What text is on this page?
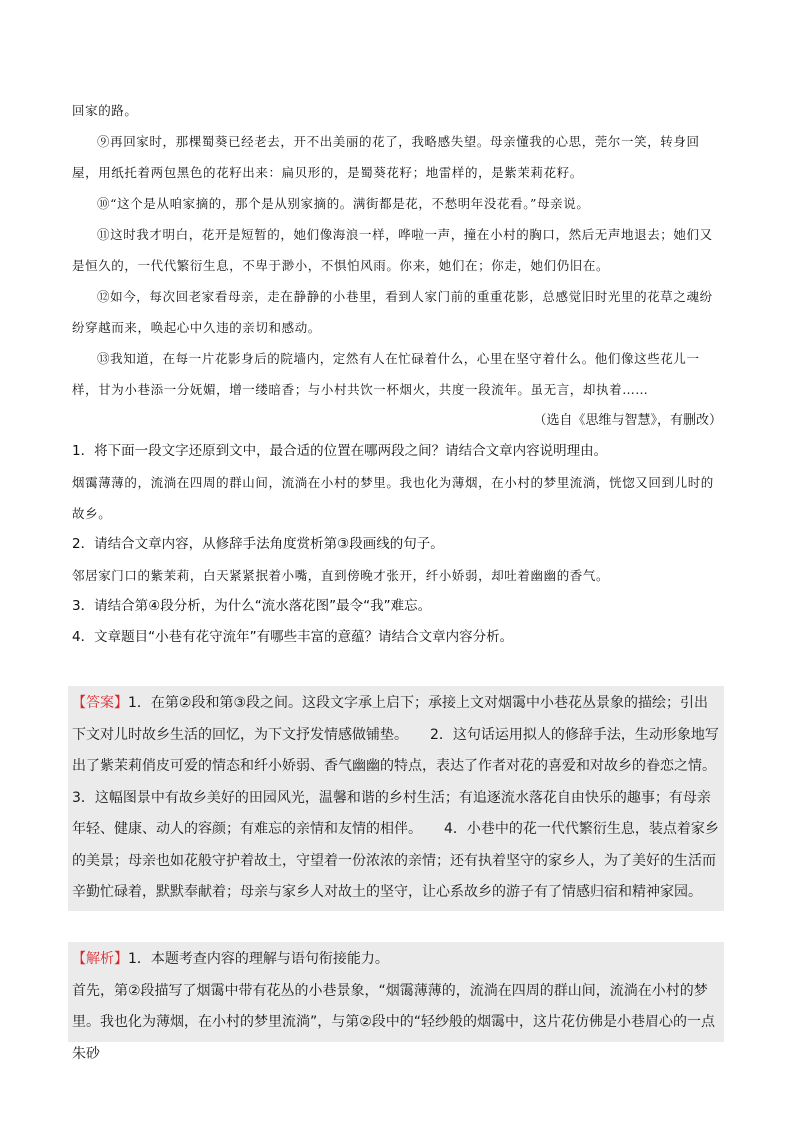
回家的路。

⑨再回家时，那棵蜀葵已经老去，开不出美丽的花了，我略感失望。母亲懂我的心思，莞尔一笑，转身回屋，用纸托着两包黑色的花籽出来：扁贝形的，是蜀葵花籽；地雷样的，是紫茉莉花籽。

⑩“这个是从咱家摘的，那个是从别家摘的。满街都是花，不愁明年没花看。”母亲说。

⑪这时我才明白，花开是短暂的，她们像海浪一样，哗啦一声，撞在小村的胸口，然后无声地退去；她们又是恒久的，一代代繁衍生息，不卑于渺小，不惧怕风雨。你来，她们在；你走，她们仍旧在。

⑫如今，每次回老家看母亲，走在静静的小巷里，看到人家门前的重重花影，总感觉旧时光里的花草之魂纷纷穿越而来，唤起心中久违的亲切和感动。

⑬我知道，在每一片花影身后的院墙内，定然有人在忙碌着什么，心里在坚守着什么。他们像这些花儿一样，甘为小巷添一分妩媚，增一缕暗香；与小村共饮一杯烟火，共度一段流年。虽无言，却执着……

（选自《思维与智慧》，有删改）

1．将下面一段文字还原到文中，最合适的位置在哪两段之间？请结合文章内容说明理由。

烟霭薄薄的，流淌在四周的群山间，流淌在小村的梦里。我也化为薄烟，在小村的梦里流淌，恍惚又回到儿时的故乡。

2．请结合文章内容，从修辞手法角度赏析第③段画线的句子。

邻居家门口的紫茉莉，白天紧紧抿着小嘴，直到傍晚才张开，纤小娇弱，却吐着幽幽的香气。

3．请结合第④段分析，为什么“流水落花图”最令“我”难忘。

4．文章题目“小巷有花守流年”有哪些丰富的意蕴？请结合文章内容分析。

【答案】1．在第②段和第③段之间。这段文字承上启下；承接上文对烟霭中小巷花丛景象的描绘；引出下文对儿时故乡生活的回忆，为下文抒发情感做铺垫。 2．这句话运用拟人的修辞手法，生动形象地写出了紫茉莉俏皮可爱的情态和纤小娇弱、香气幽幽的特点，表达了作者对花的喜爱和对故乡的眷恋之情。
3．这幅图景中有故乡美好的田园风光，温馨和谐的乡村生活；有追逐流水落花自由快乐的趣事；有母亲年轻、健康、动人的容颜；有难忘的亲情和友情的相伴。 4．小巷中的花一代代繁衍生息，装点着家乡的美景；母亲也如花般守护着故土，守望着一份浓浓的亲情；还有执着坚守的家乡人，为了美好的生活而辛勤忙碌着，默默奉献着；母亲与家乡人对故土的坚守，让心系故乡的游子有了情感归宿和精神家园。
【解析】1．本题考查内容的理解与语句衔接能力。
首先，第②段描写了烟霭中带有花丛的小巷景象，“烟霭薄薄的，流淌在四周的群山间，流淌在小村的梦里。我也化为薄烟，在小村的梦里流淌”，与第②段中的“轻纱般的烟霭中，这片花仿佛是小巷眉心的一点朱砂
